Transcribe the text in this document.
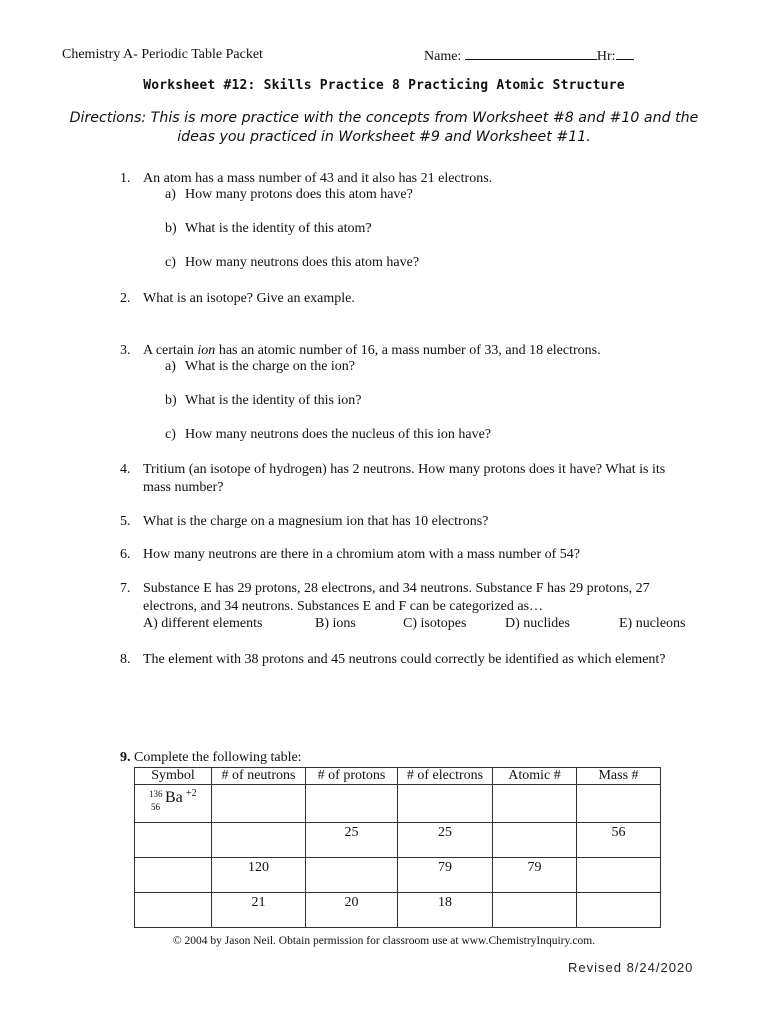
Chemistry A- Periodic Table Packet	Name:	Hr:
Worksheet #12: Skills Practice 8 Practicing Atomic Structure
Directions: This is more practice with the concepts from Worksheet #8 and #10 and the ideas you practiced in Worksheet #9 and Worksheet #11.
1. An atom has a mass number of 43 and it also has 21 electrons.
a) How many protons does this atom have?
b) What is the identity of this atom?
c) How many neutrons does this atom have?
2. What is an isotope? Give an example.
3. A certain ion has an atomic number of 16, a mass number of 33, and 18 electrons.
a) What is the charge on the ion?
b) What is the identity of this ion?
c) How many neutrons does the nucleus of this ion have?
4. Tritium (an isotope of hydrogen) has 2 neutrons. How many protons does it have? What is its mass number?
5. What is the charge on a magnesium ion that has 10 electrons?
6. How many neutrons are there in a chromium atom with a mass number of 54?
7. Substance E has 29 protons, 28 electrons, and 34 neutrons. Substance F has 29 protons, 27 electrons, and 34 neutrons. Substances E and F can be categorized as…
A) different elements	B) ions	C) isotopes	D) nuclides	E) nucleons
8. The element with 38 protons and 45 neutrons could correctly be identified as which element?
9. Complete the following table:
Symbol	# of neutrons	# of protons	# of electrons	Atomic #	Mass #

136
56
Ba +2					

		25	25		56
	120		79	79	
	21	20	18		
© 2004 by Jason Neil. Obtain permission for classroom use at www.ChemistryInquiry.com.
Revised 8/24/2020
